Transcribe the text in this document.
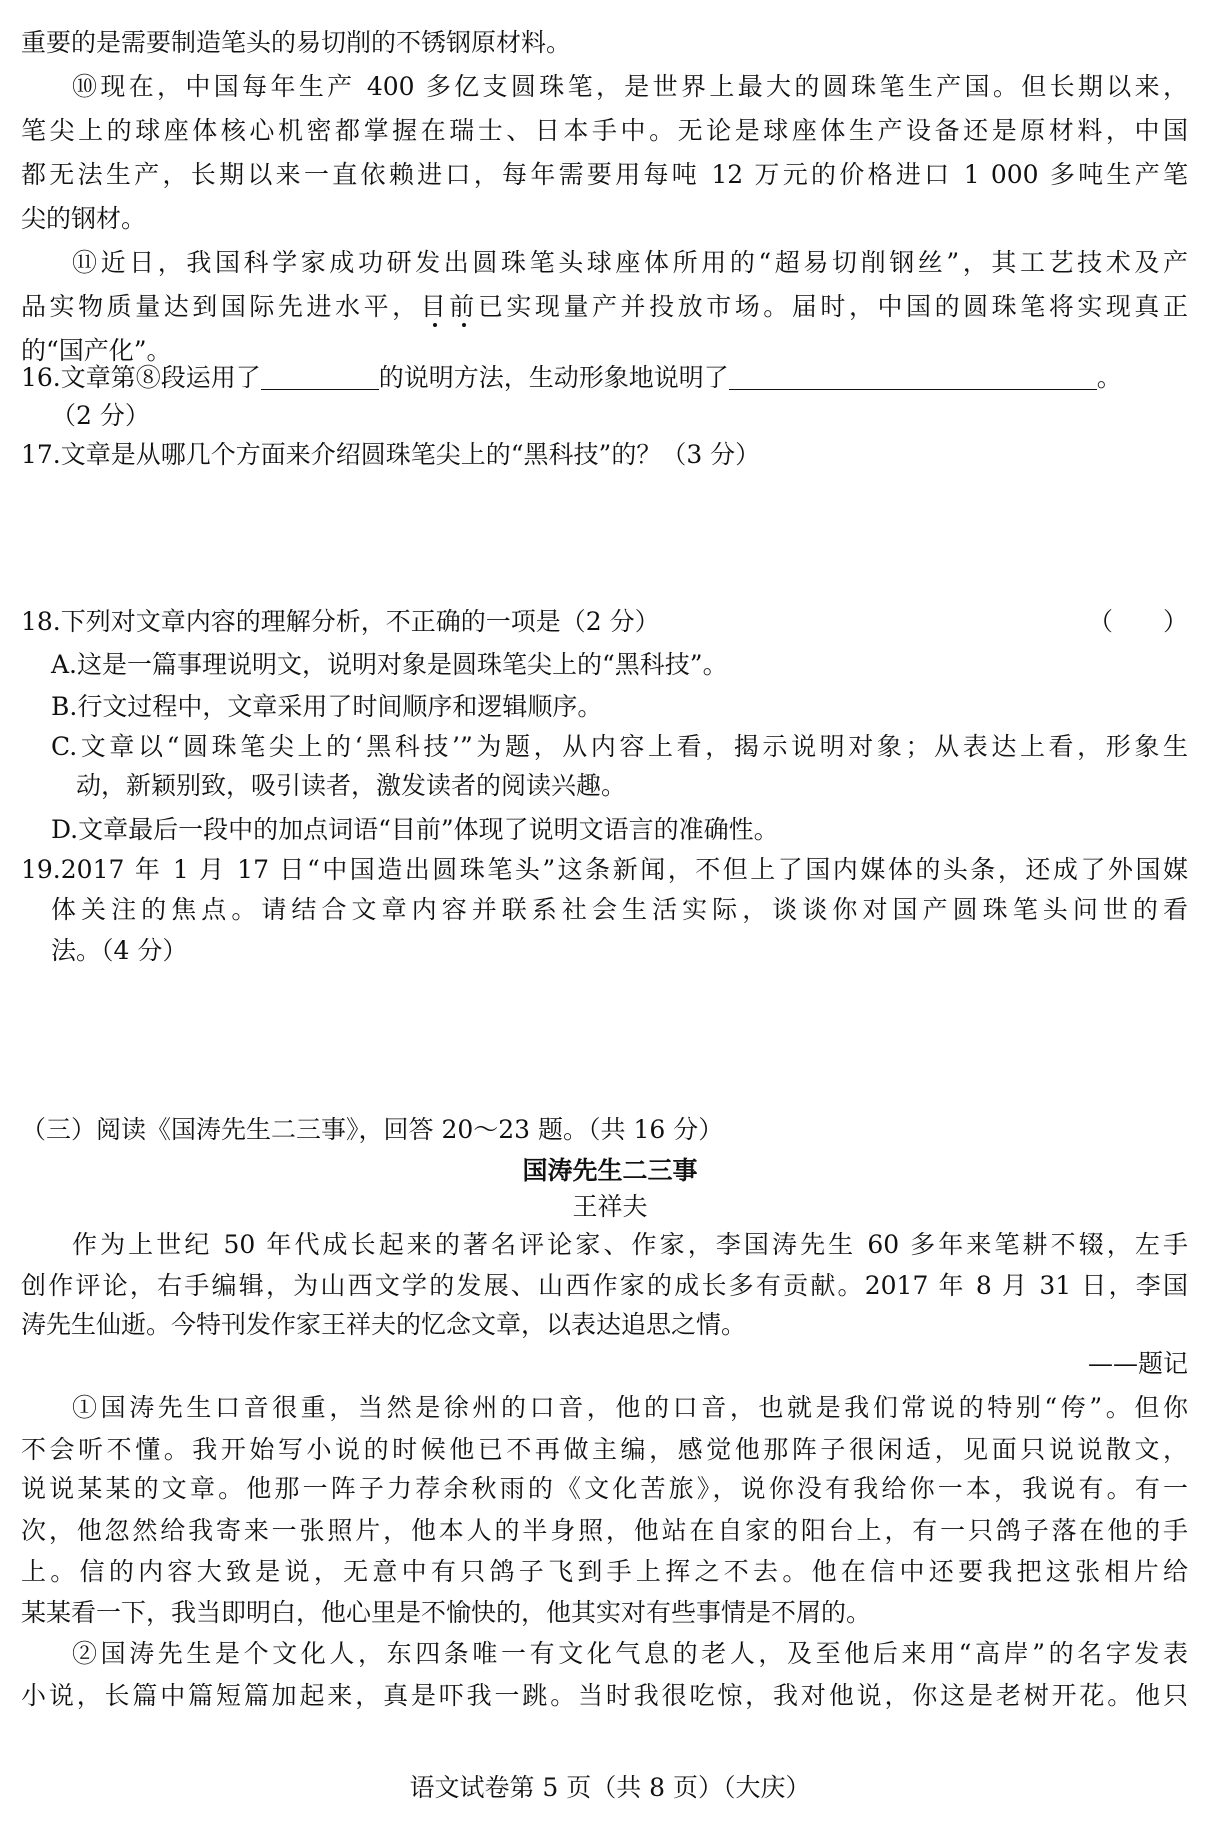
重要的是需要制造笔头的易切削的不锈钢原材料。
⑩现在，中国每年生产 400 多亿支圆珠笔，是世界上最大的圆珠笔生产国。但长期以来，
笔尖上的球座体核心机密都掌握在瑞士、日本手中。无论是球座体生产设备还是原材料，中国
都无法生产，长期以来一直依赖进口，每年需要用每吨 12 万元的价格进口 1 000 多吨生产笔
尖的钢材。
⑪近日，我国科学家成功研发出圆珠笔头球座体所用的“超易切削钢丝”，其工艺技术及产
品实物质量达到国际先进水平，目前已实现量产并投放市场。届时，中国的圆珠笔将实现真正
的“国产化”。
16.文章第⑧段运用了	的说明方法，生动形象地说明了	。
（2 分）
17.文章是从哪几个方面来介绍圆珠笔尖上的“黑科技”的？（3 分）
18.下列对文章内容的理解分析，不正确的一项是（2 分）	（　　）
A.这是一篇事理说明文，说明对象是圆珠笔尖上的“黑科技”。
B.行文过程中，文章采用了时间顺序和逻辑顺序。
C.文章以“圆珠笔尖上的‘黑科技’”为题，从内容上看，揭示说明对象；从表达上看，形象生
动，新颖别致，吸引读者，激发读者的阅读兴趣。
D.文章最后一段中的加点词语“目前”体现了说明文语言的准确性。
19.2017 年 1 月 17 日“中国造出圆珠笔头”这条新闻，不但上了国内媒体的头条，还成了外国媒
体关注的焦点。请结合文章内容并联系社会生活实际，谈谈你对国产圆珠笔头问世的看
法。（4 分）
（三）阅读《国涛先生二三事》，回答 20～23 题。（共 16 分）
国涛先生二三事
王祥夫
作为上世纪 50 年代成长起来的著名评论家、作家，李国涛先生 60 多年来笔耕不辍，左手
创作评论，右手编辑，为山西文学的发展、山西作家的成长多有贡献。2017 年 8 月 31 日，李国
涛先生仙逝。今特刊发作家王祥夫的忆念文章，以表达追思之情。
——题记
①国涛先生口音很重，当然是徐州的口音，他的口音，也就是我们常说的特别“侉”。但你
不会听不懂。我开始写小说的时候他已不再做主编，感觉他那阵子很闲适，见面只说说散文，
说说某某的文章。他那一阵子力荐余秋雨的《文化苦旅》，说你没有我给你一本，我说有。有一
次，他忽然给我寄来一张照片，他本人的半身照，他站在自家的阳台上，有一只鸽子落在他的手
上。信的内容大致是说，无意中有只鸽子飞到手上挥之不去。他在信中还要我把这张相片给
某某看一下，我当即明白，他心里是不愉快的，他其实对有些事情是不屑的。
②国涛先生是个文化人，东四条唯一有文化气息的老人，及至他后来用“高岸”的名字发表
小说，长篇中篇短篇加起来，真是吓我一跳。当时我很吃惊，我对他说，你这是老树开花。他只
语文试卷第 5 页（共 8 页）（大庆）
